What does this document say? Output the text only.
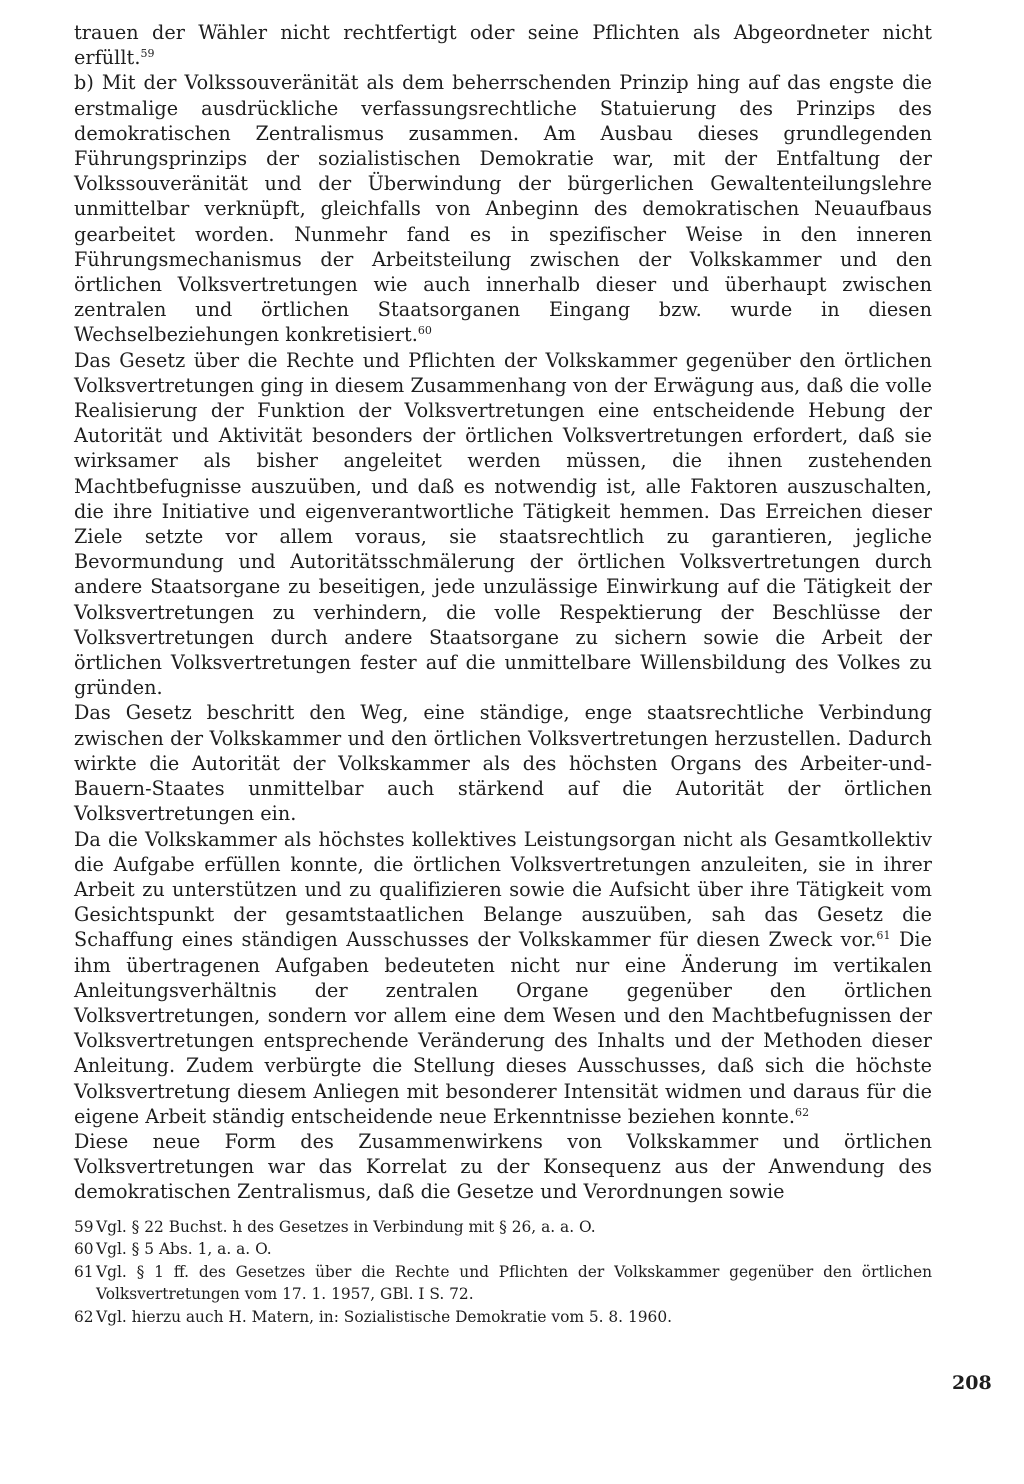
trauen der Wähler nicht rechtfertigt oder seine Pflichten als Abgeordneter nicht erfüllt.$^{59}$

b) Mit der Volkssouveränität als dem beherrschenden Prinzip hing auf das engste die erstmalige ausdrückliche verfassungsrechtliche Statuierung des Prinzips des demokratischen Zentralismus zusammen. Am Ausbau dieses grundlegenden Führungsprinzips der sozialistischen Demokratie war, mit der Entfaltung der Volkssouveränität und der Überwindung der bürgerlichen Gewaltenteilungslehre unmittelbar verknüpft, gleichfalls von Anbeginn des demokratischen Neuaufbaus gearbeitet worden. Nunmehr fand es in spezifischer Weise in den inneren Führungsmechanismus der Arbeitsteilung zwischen der Volkskammer und den örtlichen Volksvertretungen wie auch innerhalb dieser und überhaupt zwischen zentralen und örtlichen Staatsorganen Eingang bzw. wurde in diesen Wechselbeziehungen konkretisiert.$^{60}$

Das Gesetz über die Rechte und Pflichten der Volkskammer gegenüber den örtlichen Volksvertretungen ging in diesem Zusammenhang von der Erwägung aus, daß die volle Realisierung der Funktion der Volksvertretungen eine entscheidende Hebung der Autorität und Aktivität besonders der örtlichen Volksvertretungen erfordert, daß sie wirksamer als bisher angeleitet werden müssen, die ihnen zustehenden Machtbefugnisse auszuüben, und daß es notwendig ist, alle Faktoren auszuschalten, die ihre Initiative und eigenverantwortliche Tätigkeit hemmen. Das Erreichen dieser Ziele setzte vor allem voraus, sie staatsrechtlich zu garantieren, jegliche Bevormundung und Autoritätsschmälerung der örtlichen Volksvertretungen durch andere Staatsorgane zu beseitigen, jede unzulässige Einwirkung auf die Tätigkeit der Volksvertretungen zu verhindern, die volle Respektierung der Beschlüsse der Volksvertretungen durch andere Staatsorgane zu sichern sowie die Arbeit der örtlichen Volksvertretungen fester auf die unmittelbare Willensbildung des Volkes zu gründen.

Das Gesetz beschritt den Weg, eine ständige, enge staatsrechtliche Verbindung zwischen der Volkskammer und den örtlichen Volksvertretungen herzustellen. Dadurch wirkte die Autorität der Volkskammer als des höchsten Organs des Arbeiter-und-Bauern-Staates unmittelbar auch stärkend auf die Autorität der örtlichen Volksvertretungen ein.

Da die Volkskammer als höchstes kollektives Leistungsorgan nicht als Gesamtkollektiv die Aufgabe erfüllen konnte, die örtlichen Volksvertretungen anzuleiten, sie in ihrer Arbeit zu unterstützen und zu qualifizieren sowie die Aufsicht über ihre Tätigkeit vom Gesichtspunkt der gesamtstaatlichen Belange auszuüben, sah das Gesetz die Schaffung eines ständigen Ausschusses der Volkskammer für diesen Zweck vor.$^{61}$ Die ihm übertragenen Aufgaben bedeuteten nicht nur eine Änderung im vertikalen Anleitungsverhältnis der zentralen Organe gegenüber den örtlichen Volksvertretungen, sondern vor allem eine dem Wesen und den Machtbefugnissen der Volksvertretungen entsprechende Veränderung des Inhalts und der Methoden dieser Anleitung. Zudem verbürgte die Stellung dieses Ausschusses, daß sich die höchste Volksvertretung diesem Anliegen mit besonderer Intensität widmen und daraus für die eigene Arbeit ständig entscheidende neue Erkenntnisse beziehen konnte.$^{62}$

Diese neue Form des Zusammenwirkens von Volkskammer und örtlichen Volksvertretungen war das Korrelat zu der Konsequenz aus der Anwendung des demokratischen Zentralismus, daß die Gesetze und Verordnungen sowie

59 Vgl. § 22 Buchst. h des Gesetzes in Verbindung mit § 26, a. a. O.
60 Vgl. § 5 Abs. 1, a. a. O.
61 Vgl. § 1 ff. des Gesetzes über die Rechte und Pflichten der Volkskammer gegenüber den örtlichen Volksvertretungen vom 17. 1. 1957, GBl. I S. 72.
62 Vgl. hierzu auch H. Matern, in: Sozialistische Demokratie vom 5. 8. 1960.
208
